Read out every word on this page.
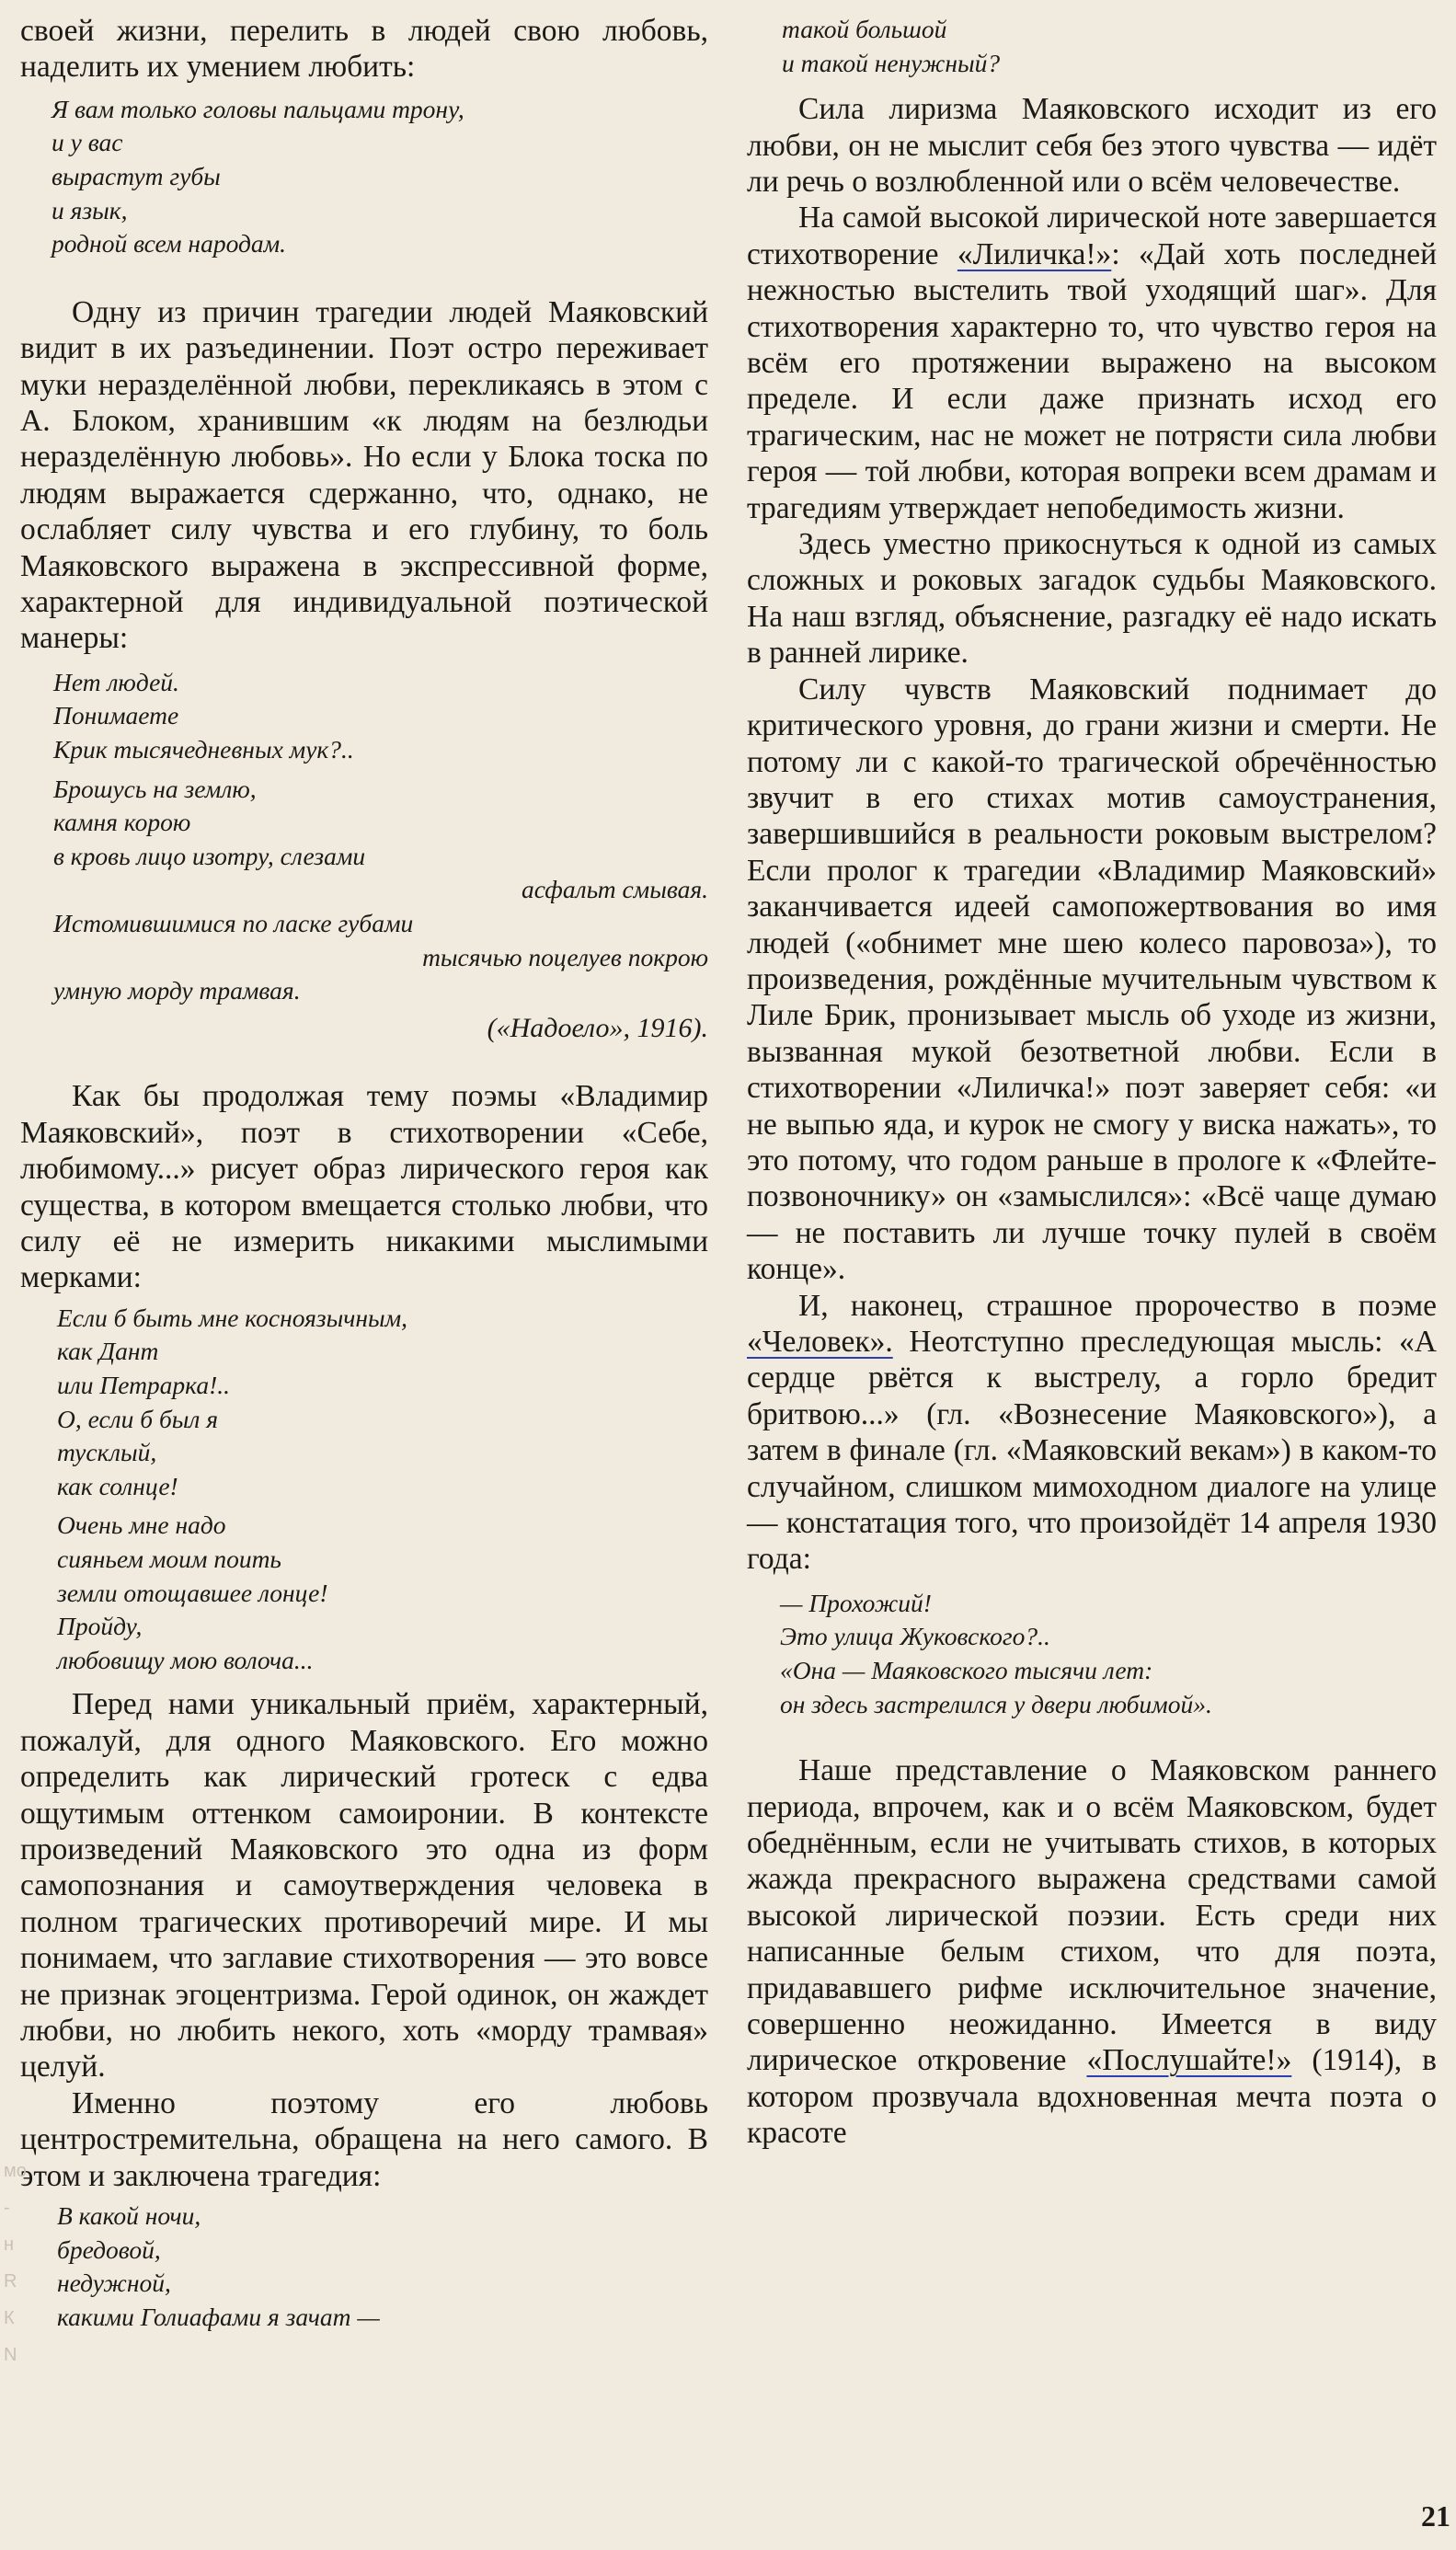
своей жизни, перелить в людей свою любовь, наделить их умением любить:

Я вам только головы пальцами трону,
и у вас
вырастут губы
и язык,
родной всем народам.

Одну из причин трагедии людей Маяковский видит в их разъединении. Поэт остро переживает муки неразделённой любви, перекликаясь в этом с А. Блоком, хранившим «к людям на безлюдьи неразделённую любовь». Но если у Блока тоска по людям выражается сдержанно, что, однако, не ослабляет силу чувства и его глубину, то боль Маяковского выражена в экспрессивной форме, характерной для индивидуальной поэтической манеры:

Нет людей.
Понимаете
Крик тысячедневных мук?..
Брошусь на землю,
камня корою
в кровь лицо изотру, слезами
асфальт смывая.
Истомившимися по ласке губами
тысячью поцелуев покрою
умную морду трамвая.
(«Надоело», 1916).

Как бы продолжая тему поэмы «Владимир Маяковский», поэт в стихотворении «Себе, любимому...» рисует образ лирического героя как существа, в котором вмещается столько любви, что силу её не измерить никакими мыслимыми мерками:

Если б быть мне косноязычным,
как Дант
или Петрарка!..
О, если б был я
тусклый,
как солнце!
Очень мне надо
сияньем моим поить
земли отощавшее лонце!
Пройду,
любовищу мою волоча...

Перед нами уникальный приём, характерный, пожалуй, для одного Маяковского. Его можно определить как лирический гротеск с едва ощутимым оттенком самоиронии. В контексте произведений Маяковского это одна из форм самопознания и самоутверждения человека в полном трагических противоречий мире. И мы понимаем, что заглавие стихотворения — это вовсе не признак эгоцентризма. Герой одинок, он жаждет любви, но любить некого, хоть «морду трамвая» целуй.

Именно поэтому его любовь центростремительна, обращена на него самого. В этом и заключена трагедия:

В какой ночи,
бредовой,
недужной,
какими Голиафами я зачат —
такой большой
и такой ненужный?

Сила лиризма Маяковского исходит из его любви, он не мыслит себя без этого чувства — идёт ли речь о возлюбленной или о всём человечестве.

На самой высокой лирической ноте завершается стихотворение «Лиличка!»: «Дай хоть последней нежностью выстелить твой уходящий шаг». Для стихотворения характерно то, что чувство героя на всём его протяжении выражено на высоком пределе. И если даже признать исход его трагическим, нас не может не потрясти сила любви героя — той любви, которая вопреки всем драмам и трагедиям утверждает непобедимость жизни.

Здесь уместно прикоснуться к одной из самых сложных и роковых загадок судьбы Маяковского. На наш взгляд, объяснение, разгадку её надо искать в ранней лирике.

Силу чувств Маяковский поднимает до критического уровня, до грани жизни и смерти. Не потому ли с какой-то трагической обречённостью звучит в его стихах мотив самоустранения, завершившийся в реальности роковым выстрелом? Если пролог к трагедии «Владимир Маяковский» заканчивается идеей самопожертвования во имя людей («обнимет мне шею колесо паровоза»), то произведения, рождённые мучительным чувством к Лиле Брик, пронизывает мысль об уходе из жизни, вызванная мукой безответной любви. Если в стихотворении «Лиличка!» поэт заверяет себя: «и не выпью яда, и курок не смогу у виска нажать», то это потому, что годом раньше в прологе к «Флейте-позвоночнику» он «замыслился»: «Всё чаще думаю — не поставить ли лучше точку пулей в своём конце».

И, наконец, страшное пророчество в поэме «Человек». Неотступно преследующая мысль: «А сердце рвётся к выстрелу, а горло бредит бритвою...» (гл. «Вознесение Маяковского»), а затем в финале (гл. «Маяковский векам») в каком-то случайном, слишком мимоходном диалоге на улице — констатация того, что произойдёт 14 апреля 1930 года:

— Прохожий!
Это улица Жуковского?..
«Она — Маяковского тысячи лет:
он здесь застрелился у двери любимой».

Наше представление о Маяковском раннего периода, впрочем, как и о всём Маяковском, будет обеднённым, если не учитывать стихов, в которых жажда прекрасного выражена средствами самой высокой лирической поэзии. Есть среди них написанные белым стихом, что для поэта, придававшего рифме исключительное значение, совершенно неожиданно. Имеется в виду лирическое откровение «Послушайте!» (1914), в котором прозвучала вдохновенная мечта поэта о красоте

мо
-
н
R
К
N
21
